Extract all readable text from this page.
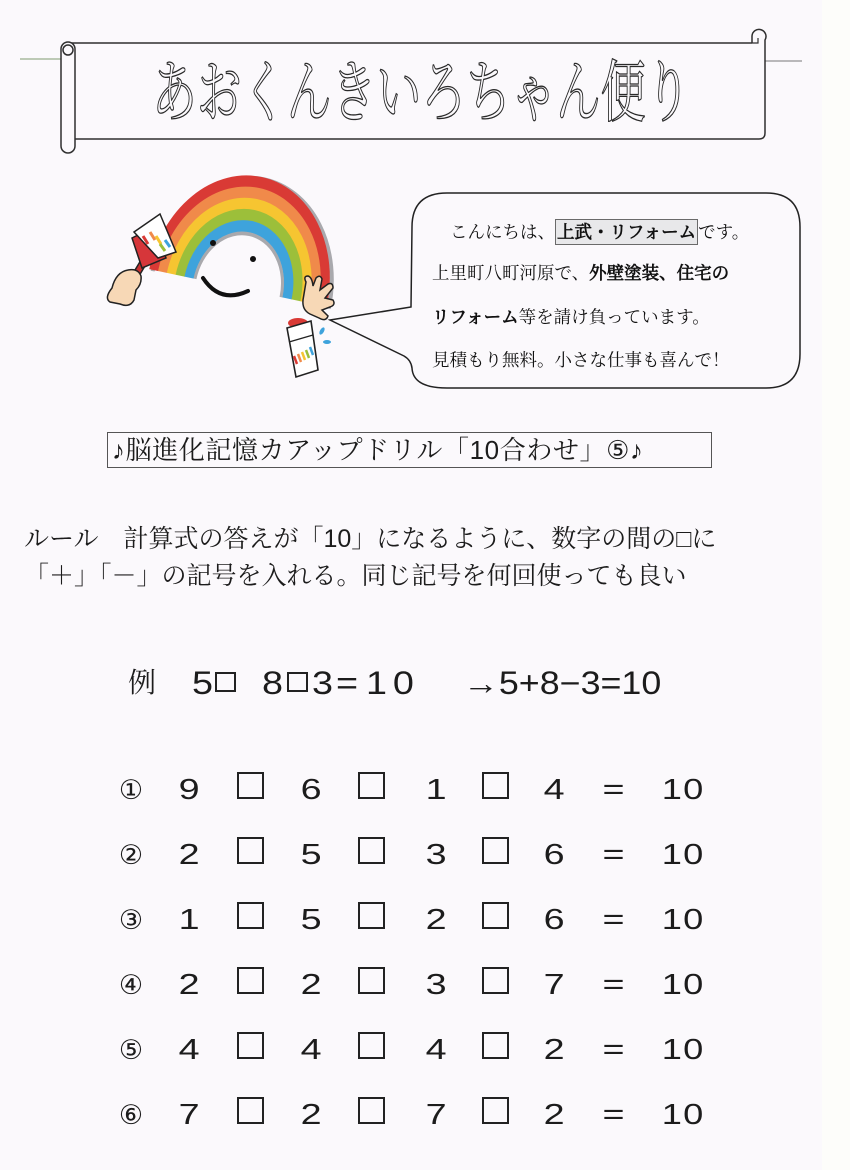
あおくんきいろちゃん便り
こんにちは、 上武・リフォーム です。
上里町八町河原で、外壁塗装、住宅の
リフォーム等を請け負っています。
見積もり無料。小さな仕事も喜んで！
♪脳進化記憶カアップドリル「10合わせ」⑤♪
ルール　計算式の答えが「10」になるように、数字の間の□に
「＋」「－」の記号を入れる。同じ記号を何回使っても良い
例 5 8 3 = 10 →5+8−3=10
①	9	6	1	4	=	10
②	2	5	3	6	=	10
③	1	5	2	6	=	10
④	2	2	3	7	=	10
⑤	4	4	4	2	=	10
⑥	7	2	7	2	=	10
